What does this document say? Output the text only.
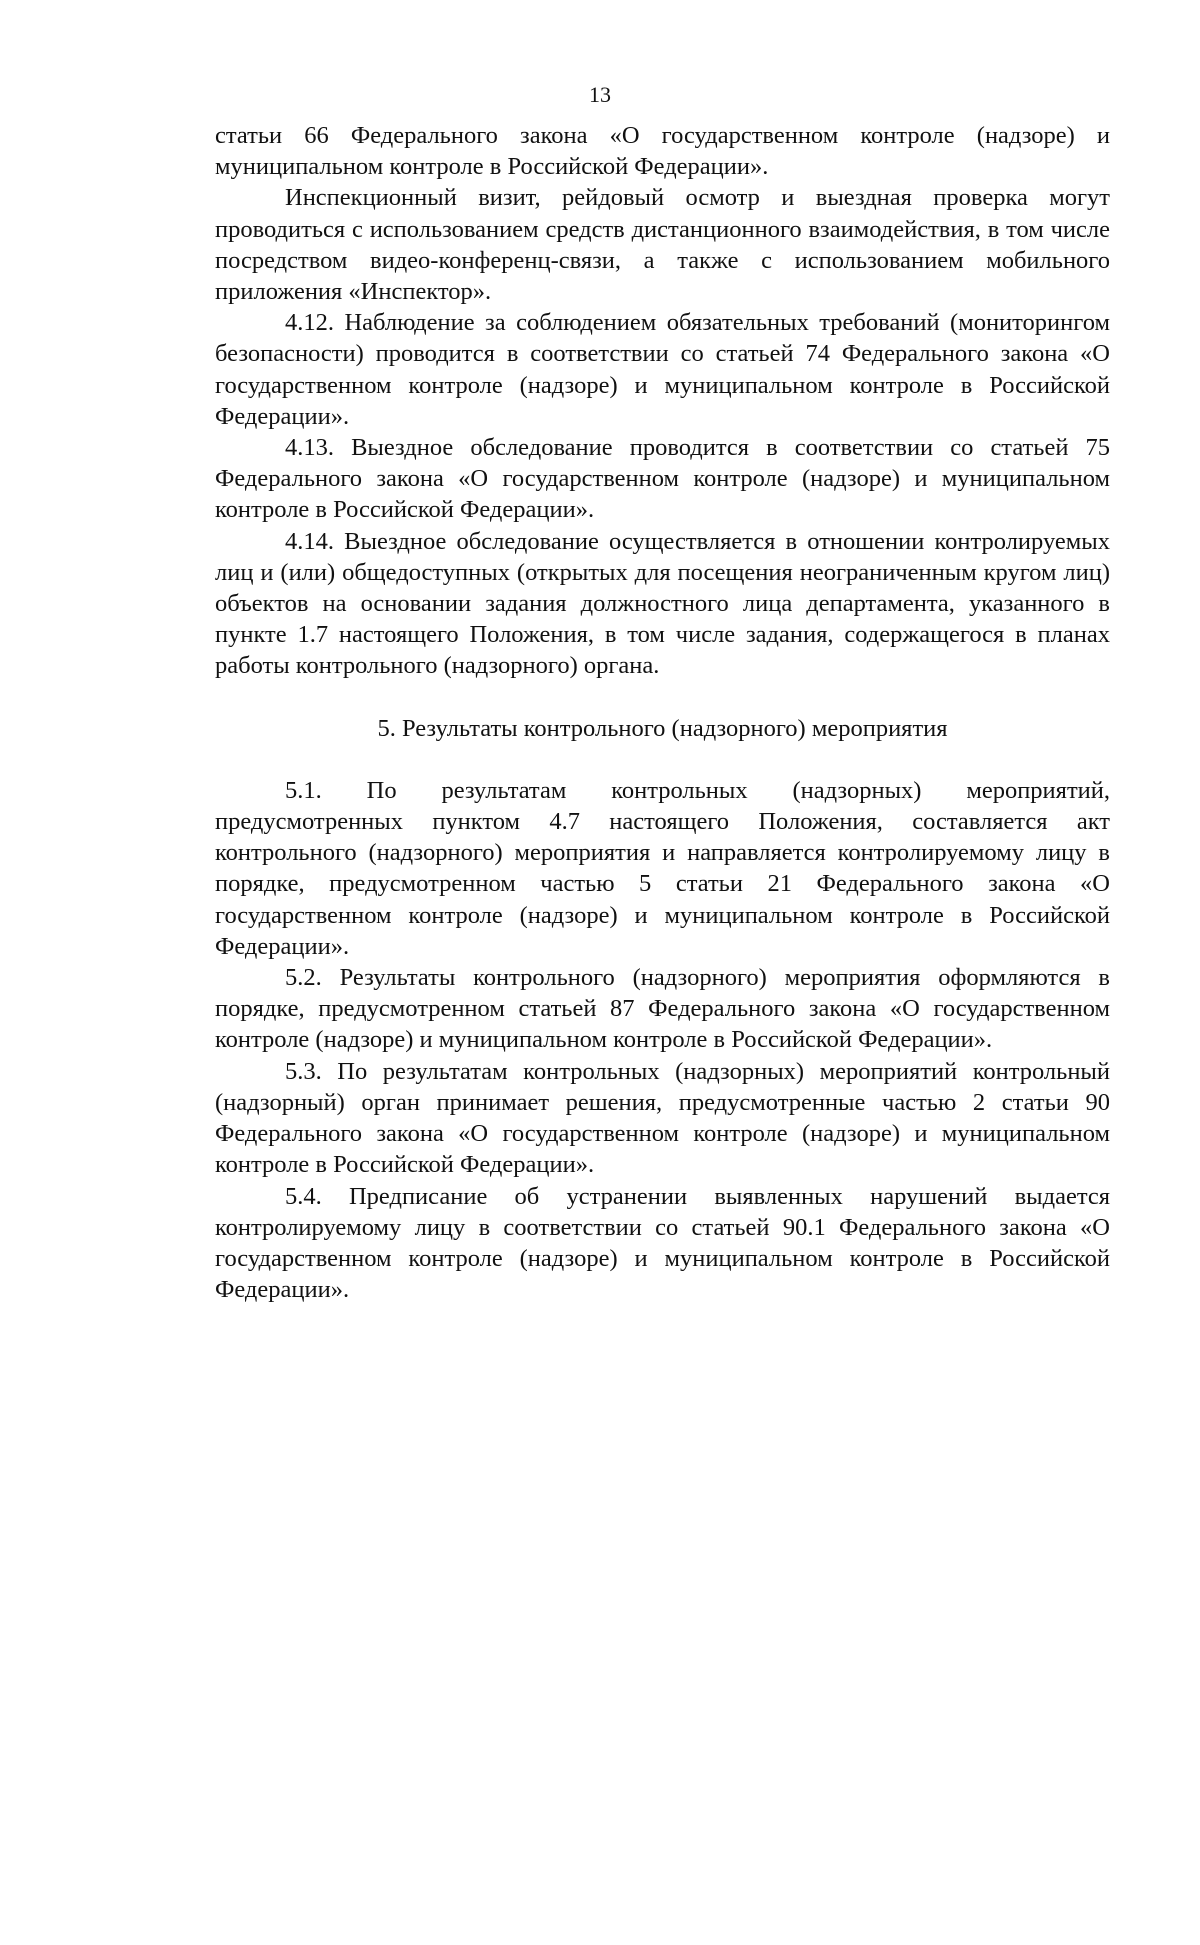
13

статьи 66 Федерального закона «О государственном контроле (надзоре) и муниципальном контроле в Российской Федерации».

Инспекционный визит, рейдовый осмотр и выездная проверка могут проводиться с использованием средств дистанционного взаимодействия, в том числе посредством видео-конференц-связи, а также с использованием мобильного приложения «Инспектор».

4.12. Наблюдение за соблюдением обязательных требований (мониторингом безопасности) проводится в соответствии со статьей 74 Федерального закона «О государственном контроле (надзоре) и муниципальном контроле в Российской Федерации».

4.13. Выездное обследование проводится в соответствии со статьей 75 Федерального закона «О государственном контроле (надзоре) и муниципальном контроле в Российской Федерации».

4.14. Выездное обследование осуществляется в отношении контролируемых лиц и (или) общедоступных (открытых для посещения неограниченным кругом лиц) объектов на основании задания должностного лица департамента, указанного в пункте 1.7 настоящего Положения, в том числе задания, содержащегося в планах работы контрольного (надзорного) органа.

5. Результаты контрольного (надзорного) мероприятия

5.1. По результатам контрольных (надзорных) мероприятий, предусмотренных пунктом 4.7 настоящего Положения, составляется акт контрольного (надзорного) мероприятия и направляется контролируемому лицу в порядке, предусмотренном частью 5 статьи 21 Федерального закона «О государственном контроле (надзоре) и муниципальном контроле в Российской Федерации».

5.2. Результаты контрольного (надзорного) мероприятия оформляются в порядке, предусмотренном статьей 87 Федерального закона «О государственном контроле (надзоре) и муниципальном контроле в Российской Федерации».

5.3. По результатам контрольных (надзорных) мероприятий контрольный (надзорный) орган принимает решения, предусмотренные частью 2 статьи 90 Федерального закона «О государственном контроле (надзоре) и муниципальном контроле в Российской Федерации».

5.4. Предписание об устранении выявленных нарушений выдается контролируемому лицу в соответствии со статьей 90.1 Федерального закона «О государственном контроле (надзоре) и муниципальном контроле в Российской Федерации».
